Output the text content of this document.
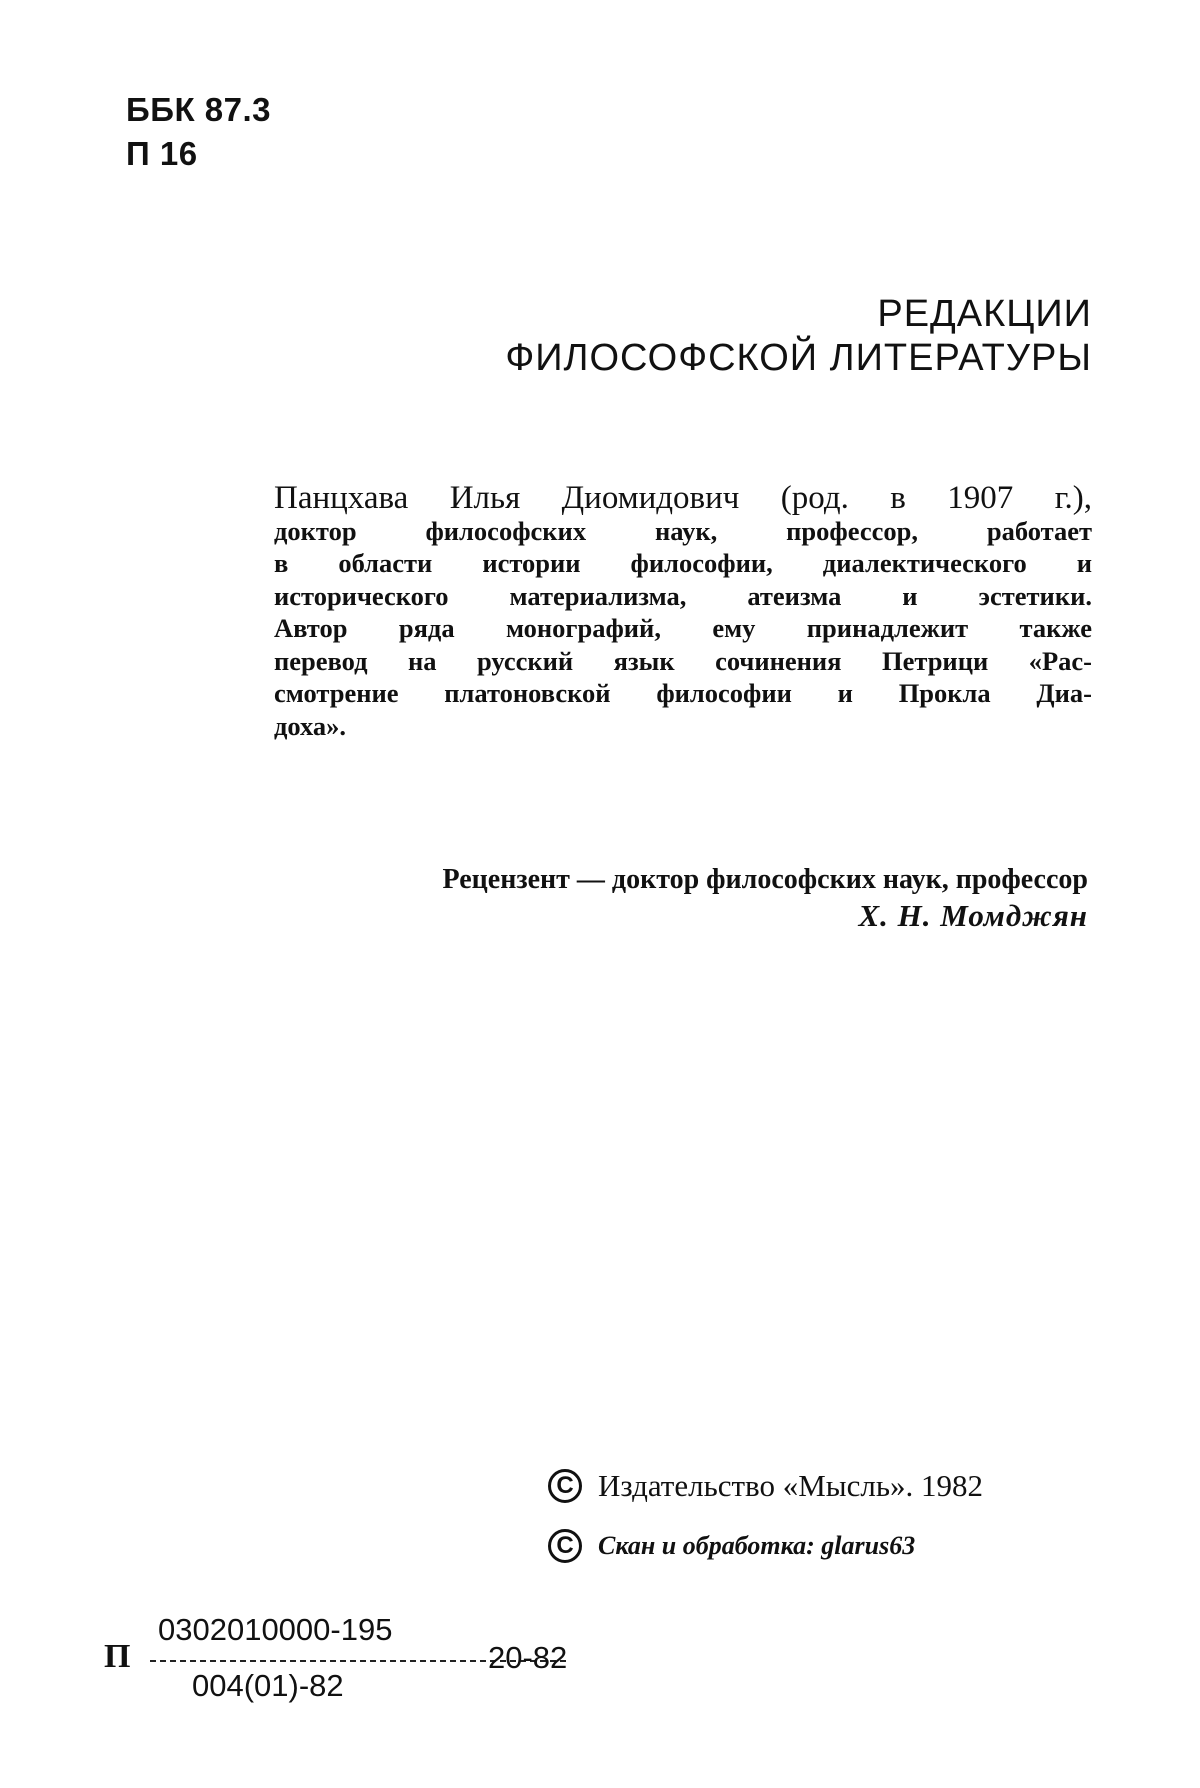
ББК 87.3
П 16
РЕДАКЦИИ
ФИЛОСОФСКОЙ ЛИТЕРАТУРЫ
Панцхава Илья Диомидович (род. в 1907 г.),
доктор философских наук, профессор, работает
в области истории философии, диалектического и
исторического материализма, атеизма и эстетики.
Автор ряда монографий, ему принадлежит также
перевод на русский язык сочинения Петрици «Рас-
смотрение платоновской философии и Прокла Диа-
доха».
Рецензент — доктор философских наук, профессор
Х. Н. Момджян
C Издательство «Мысль». 1982
C Скан и обработка: glarus63
П
0302010000-195
004(01)-82
20-82
